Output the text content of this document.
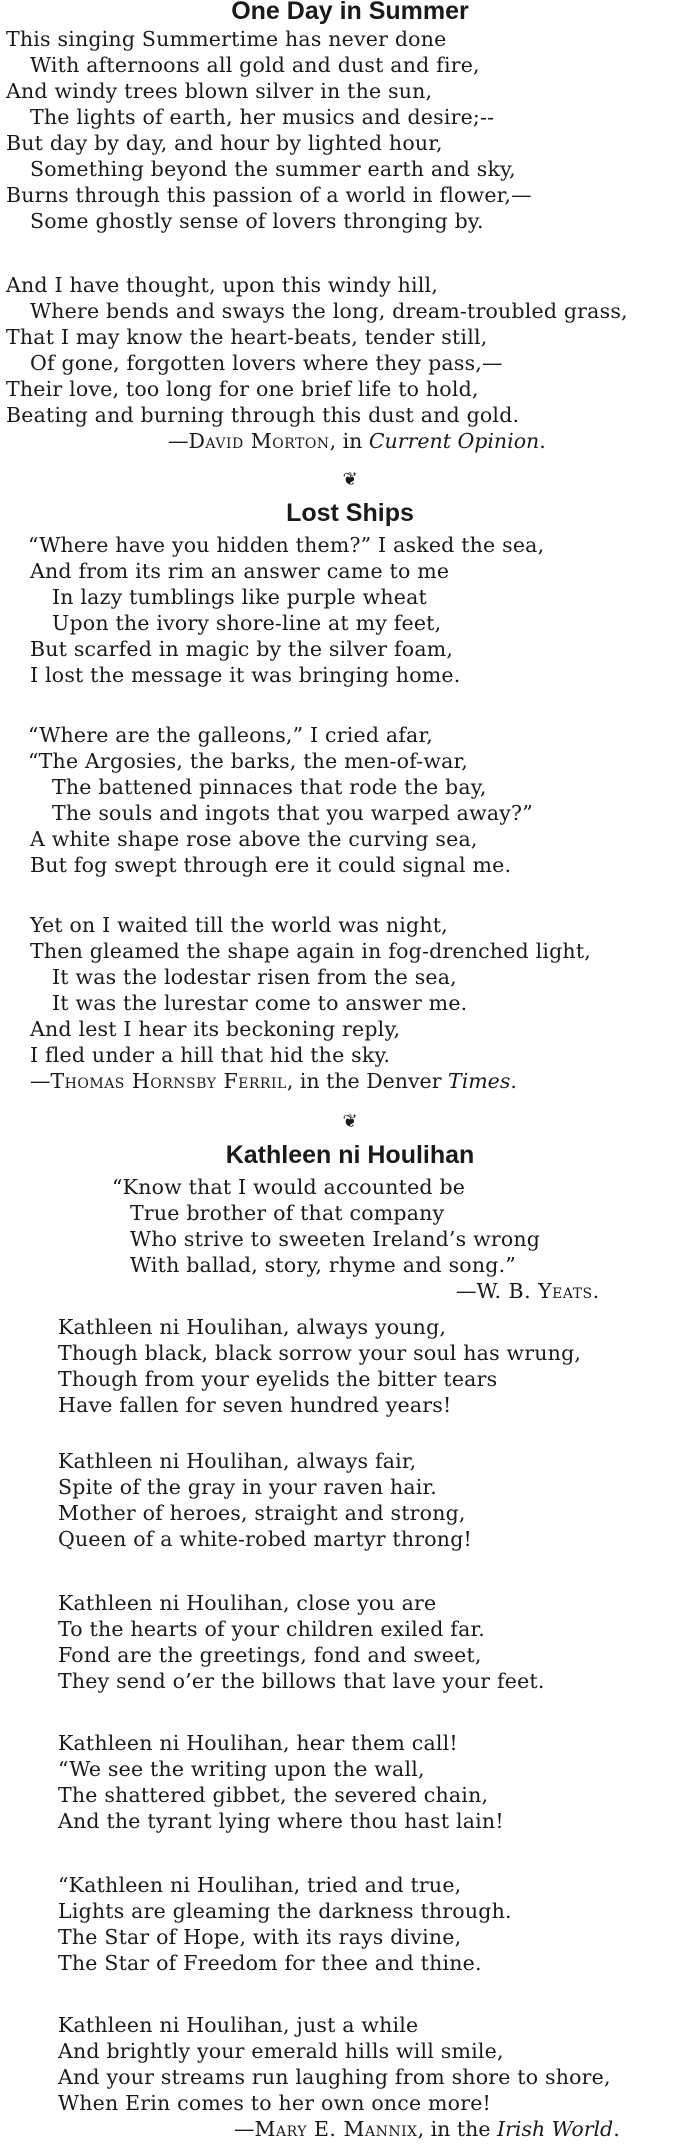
One Day in Summer
This singing Summertime has never done
With afternoons all gold and dust and fire,
And windy trees blown silver in the sun,
The lights of earth, her musics and desire;--
But day by day, and hour by lighted hour,
Something beyond the summer earth and sky,
Burns through this passion of a world in flower,—
Some ghostly sense of lovers thronging by.
And I have thought, upon this windy hill,
Where bends and sways the long, dream-troubled grass,
That I may know the heart-beats, tender still,
Of gone, forgotten lovers where they pass,—
Their love, too long for one brief life to hold,
Beating and burning through this dust and gold.
—David Morton, in Current Opinion.
❦
Lost Ships
“Where have you hidden them?” I asked the sea,
And from its rim an answer came to me
In lazy tumblings like purple wheat
Upon the ivory shore-line at my feet,
But scarfed in magic by the silver foam,
I lost the message it was bringing home.
“Where are the galleons,” I cried afar,
“The Argosies, the barks, the men-of-war,
The battened pinnaces that rode the bay,
The souls and ingots that you warped away?”
A white shape rose above the curving sea,
But fog swept through ere it could signal me.
Yet on I waited till the world was night,
Then gleamed the shape again in fog-drenched light,
It was the lodestar risen from the sea,
It was the lurestar come to answer me.
And lest I hear its beckoning reply,
I fled under a hill that hid the sky.
—Thomas Hornsby Ferril, in the Denver Times.
❦
Kathleen ni Houlihan
“Know that I would accounted be
True brother of that company
Who strive to sweeten Ireland’s wrong
With ballad, story, rhyme and song.”
—W. B. Yeats.
Kathleen ni Houlihan, always young,
Though black, black sorrow your soul has wrung,
Though from your eyelids the bitter tears
Have fallen for seven hundred years!
Kathleen ni Houlihan, always fair,
Spite of the gray in your raven hair.
Mother of heroes, straight and strong,
Queen of a white-robed martyr throng!
Kathleen ni Houlihan, close you are
To the hearts of your children exiled far.
Fond are the greetings, fond and sweet,
They send o’er the billows that lave your feet.
Kathleen ni Houlihan, hear them call!
“We see the writing upon the wall,
The shattered gibbet, the severed chain,
And the tyrant lying where thou hast lain!
“Kathleen ni Houlihan, tried and true,
Lights are gleaming the darkness through.
The Star of Hope, with its rays divine,
The Star of Freedom for thee and thine.
Kathleen ni Houlihan, just a while
And brightly your emerald hills will smile,
And your streams run laughing from shore to shore,
When Erin comes to her own once more!
—Mary E. Mannix, in the Irish World.
